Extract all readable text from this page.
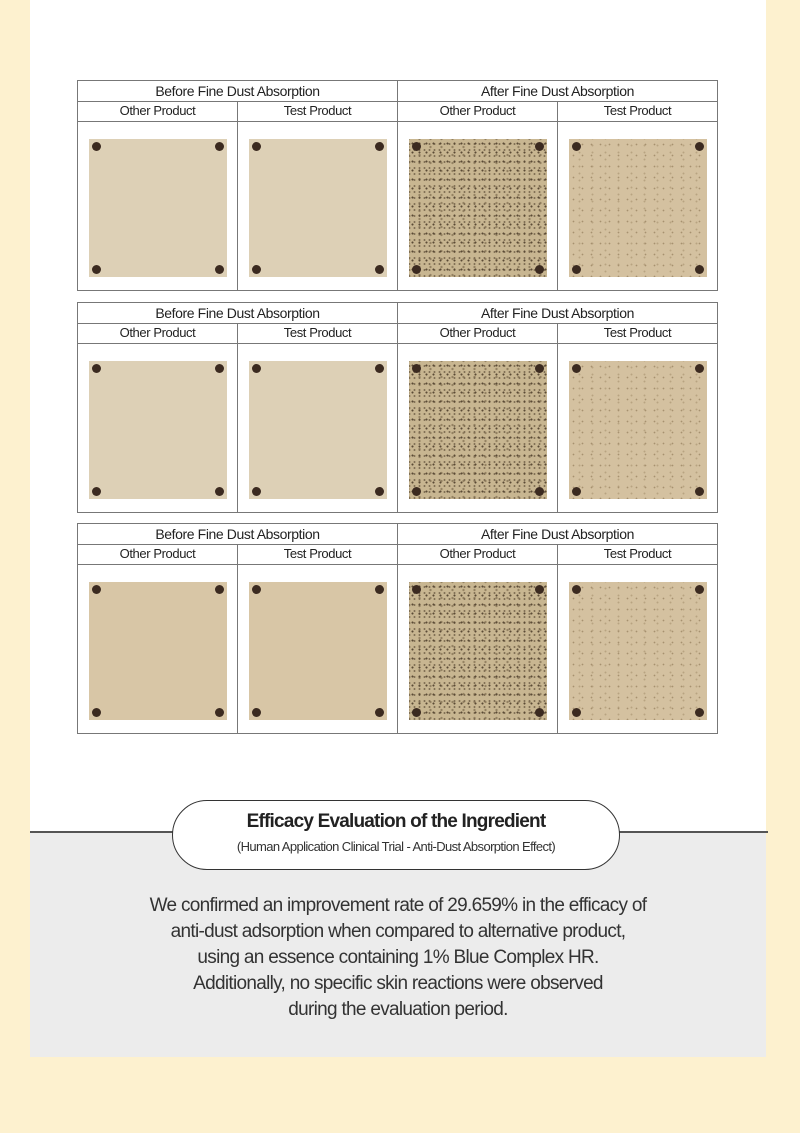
Before Fine Dust Absorption	After Fine Dust Absorption
Other Product	Test Product	Other Product	Test Product
Before Fine Dust Absorption	After Fine Dust Absorption
Other Product	Test Product	Other Product	Test Product
Before Fine Dust Absorption	After Fine Dust Absorption
Other Product	Test Product	Other Product	Test Product
Efficacy Evaluation of the Ingredient
(Human Application Clinical Trial - Anti-Dust Absorption Effect)
We confirmed an improvement rate of 29.659% in the efficacy of
anti-dust adsorption when compared to alternative product,
using an essence containing 1% Blue Complex HR.
Additionally, no specific skin reactions were observed
during the evaluation period.
